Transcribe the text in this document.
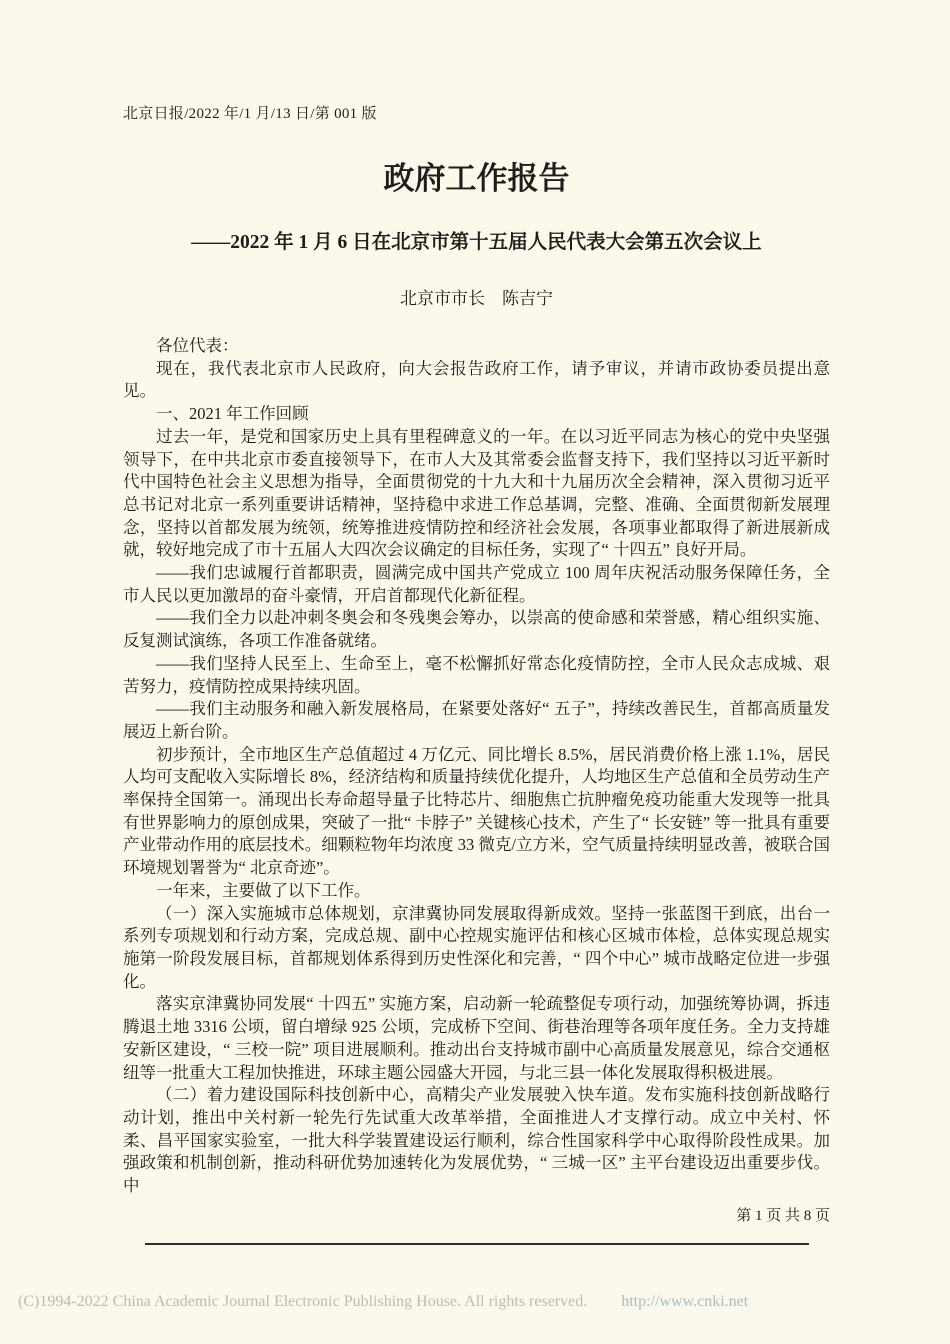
北京日报/2022 年/1 月/13 日/第 001 版
政府工作报告
——2022 年 1 月 6 日在北京市第十五届人民代表大会第五次会议上
北京市市长　陈吉宁

各位代表：

现在，我代表北京市人民政府，向大会报告政府工作，请予审议，并请市政协委员提出意见。

一、2021 年工作回顾

过去一年，是党和国家历史上具有里程碑意义的一年。在以习近平同志为核心的党中央坚强领导下，在中共北京市委直接领导下，在市人大及其常委会监督支持下，我们坚持以习近平新时代中国特色社会主义思想为指导，全面贯彻党的十九大和十九届历次全会精神，深入贯彻习近平总书记对北京一系列重要讲话精神，坚持稳中求进工作总基调，完整、准确、全面贯彻新发展理念，坚持以首都发展为统领，统筹推进疫情防控和经济社会发展，各项事业都取得了新进展新成就，较好地完成了市十五届人大四次会议确定的目标任务，实现了“ 十四五” 良好开局。

——我们忠诚履行首都职责，圆满完成中国共产党成立 100 周年庆祝活动服务保障任务，全市人民以更加激昂的奋斗豪情，开启首都现代化新征程。

——我们全力以赴冲刺冬奥会和冬残奥会筹办，以崇高的使命感和荣誉感，精心组织实施、反复测试演练，各项工作准备就绪。

——我们坚持人民至上、生命至上，毫不松懈抓好常态化疫情防控，全市人民众志成城、艰苦努力，疫情防控成果持续巩固。

——我们主动服务和融入新发展格局，在紧要处落好“ 五子”，持续改善民生，首都高质量发展迈上新台阶。

初步预计，全市地区生产总值超过 4 万亿元、同比增长 8.5%，居民消费价格上涨 1.1%，居民人均可支配收入实际增长 8%，经济结构和质量持续优化提升，人均地区生产总值和全员劳动生产率保持全国第一。涌现出长寿命超导量子比特芯片、细胞焦亡抗肿瘤免疫功能重大发现等一批具有世界影响力的原创成果，突破了一批“ 卡脖子” 关键核心技术，产生了“ 长安链” 等一批具有重要产业带动作用的底层技术。细颗粒物年均浓度 33 微克/立方米，空气质量持续明显改善，被联合国环境规划署誉为“ 北京奇迹”。

一年来，主要做了以下工作。

（一）深入实施城市总体规划，京津冀协同发展取得新成效。坚持一张蓝图干到底，出台一系列专项规划和行动方案，完成总规、副中心控规实施评估和核心区城市体检，总体实现总规实施第一阶段发展目标，首都规划体系得到历史性深化和完善，“ 四个中心” 城市战略定位进一步强化。

落实京津冀协同发展“ 十四五” 实施方案，启动新一轮疏整促专项行动，加强统筹协调，拆违腾退土地 3316 公顷，留白增绿 925 公顷，完成桥下空间、街巷治理等各项年度任务。全力支持雄安新区建设，“ 三校一院” 项目进展顺利。推动出台支持城市副中心高质量发展意见，综合交通枢纽等一批重大工程加快推进，环球主题公园盛大开园，与北三县一体化发展取得积极进展。

（二）着力建设国际科技创新中心，高精尖产业发展驶入快车道。发布实施科技创新战略行动计划，推出中关村新一轮先行先试重大改革举措，全面推进人才支撑行动。成立中关村、怀柔、昌平国家实验室，一批大科学装置建设运行顺利，综合性国家科学中心取得阶段性成果。加强政策和机制创新，推动科研优势加速转化为发展优势，“ 三城一区” 主平台建设迈出重要步伐。中

第 1 页 共 8 页
(C)1994-2022 China Academic Journal Electronic Publishing House. All rights reserved. http://www.cnki.net
